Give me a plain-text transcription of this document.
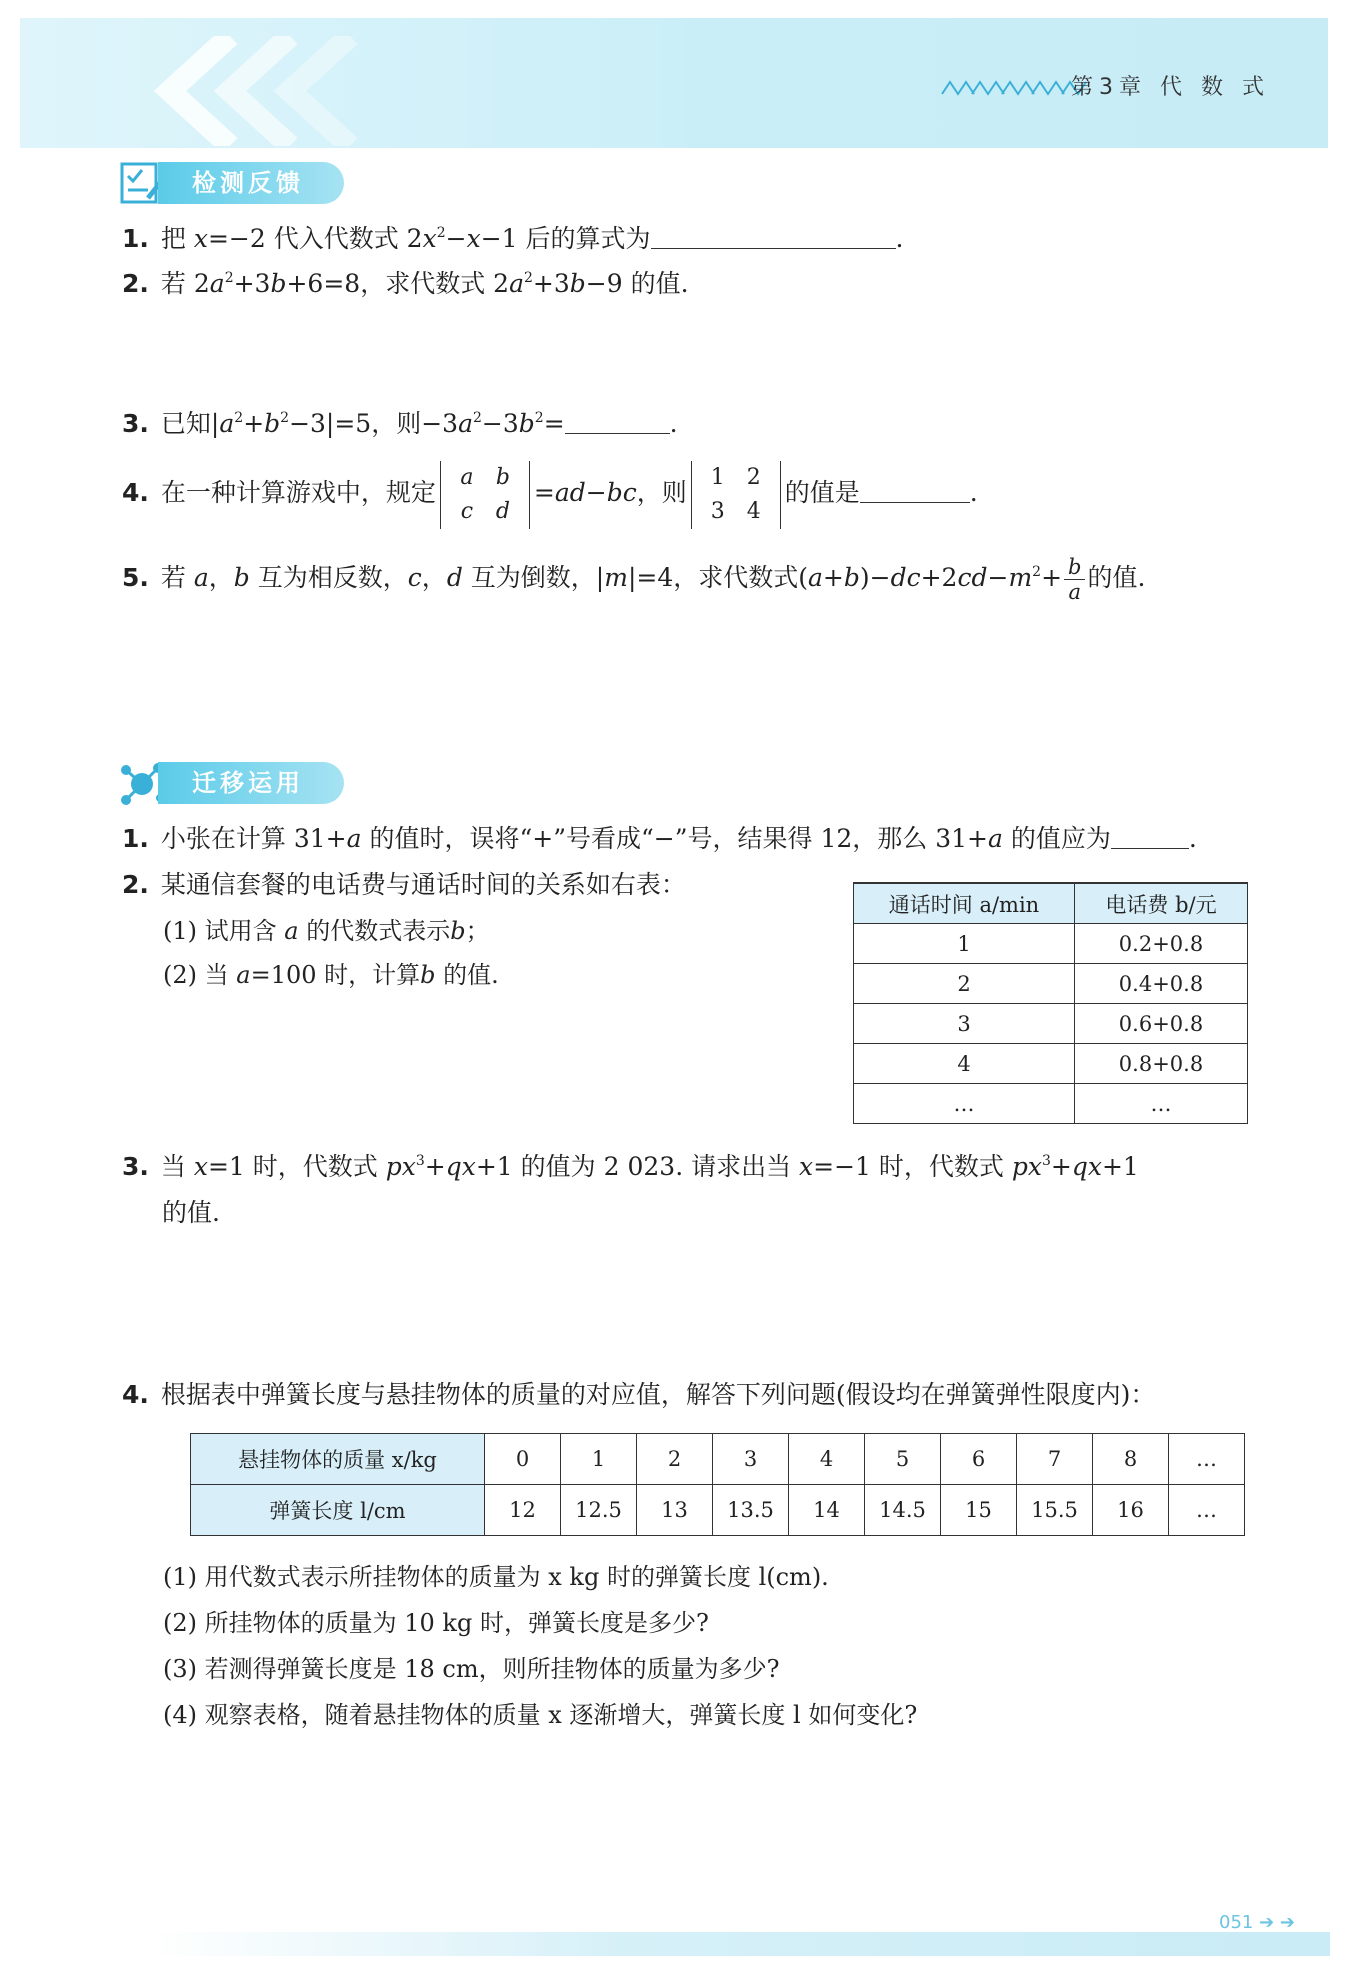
第3章 代 数 式
检测反馈
1. 把 x=−2 代入代数式 $2x^2-x-1$ 后的算式为	.
2. 若 $2a^2+3b+6=8$，求代数式 $2a^2+3b-9$ 的值.
3. 已知$|a^2+b^2-3|=5$，则$-3a^2-3b^2=$	.
4. 在一种计算游戏中，规定a b
c d=ad−bc，则1 2
3 4的值是	.
5. 若 a，b 互为相反数，c，d 互为倒数，|m|=4，求代数式$(a+b)-dc+2cd-m^2+ \frac{b}{a}$ 的值.
迁移运用
1. 小张在计算 31+a 的值时，误将“+”号看成“−”号，结果得 12，那么 31+a 的值应为	.
2. 某通信套餐的电话费与通话时间的关系如右表：
(1) 试用含 a 的代数式表示b；
(2) 当 a=100 时，计算b 的值.
通话时间 a/min	电话费 b/元
1	0.2+0.8
2	0.4+0.8
3	0.6+0.8
4	0.8+0.8
…	…
3. 当 x=1 时，代数式 $px^3+qx+1$ 的值为 2 023. 请求出当 x=−1 时，代数式 $px^3+qx+1$
的值.
4. 根据表中弹簧长度与悬挂物体的质量的对应值，解答下列问题(假设均在弹簧弹性限度内)：
悬挂物体的质量 x/kg	0	1	2	3	4	5	6	7	8	…
弹簧长度 l/cm	12	12.5	13	13.5	14	14.5	15	15.5	16	…
(1) 用代数式表示所挂物体的质量为 x kg 时的弹簧长度 l(cm).
(2) 所挂物体的质量为 10 kg 时，弹簧长度是多少?
(3) 若测得弹簧长度是 18 cm，则所挂物体的质量为多少?
(4) 观察表格，随着悬挂物体的质量 x 逐渐增大，弹簧长度 l 如何变化?
051 ➔ ➔
